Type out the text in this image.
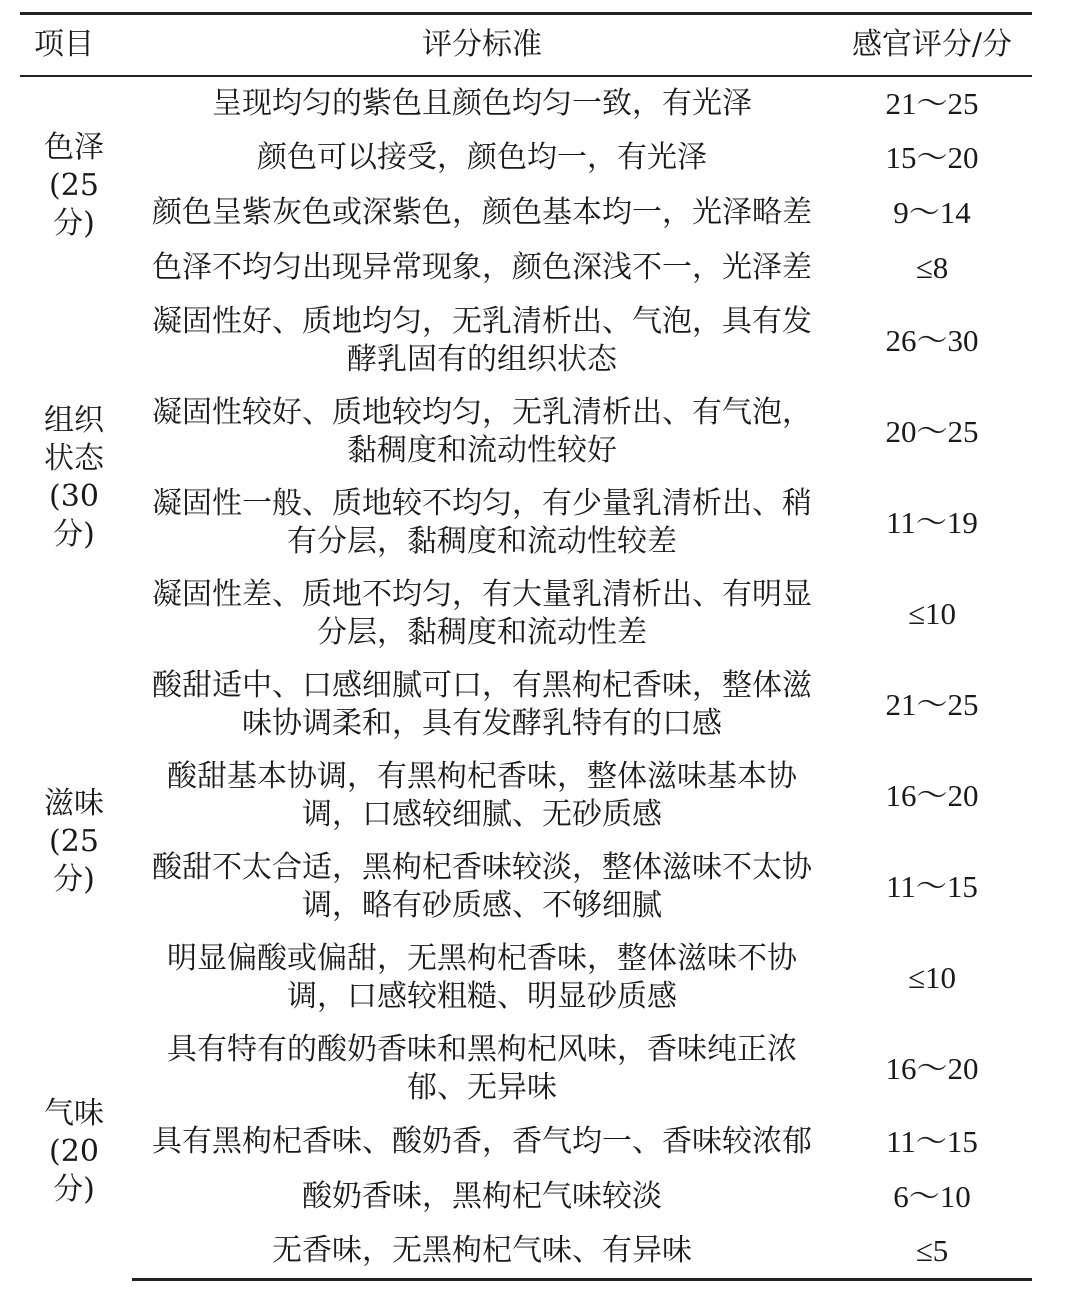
项目	评分标准	感官评分/分

色泽
(25分)	呈现均匀的紫色且颜色均匀一致，有光泽	21～25
	颜色可以接受，颜色均一，有光泽	15～20
	颜色呈紫灰色或深紫色，颜色基本均一，光泽略差	9～14
	色泽不均匀出现异常现象，颜色深浅不一，光泽差	≤8

组织
状态
(30分)	凝固性好、质地均匀，无乳清析出、气泡，具有发酵乳固有的组织状态	26～30
	凝固性较好、质地较均匀，无乳清析出、有气泡，黏稠度和流动性较好	20～25
	凝固性一般、质地较不均匀，有少量乳清析出、稍有分层，黏稠度和流动性较差	11～19
	凝固性差、质地不均匀，有大量乳清析出、有明显分层，黏稠度和流动性差	≤10

滋味
(25分)	酸甜适中、口感细腻可口，有黑枸杞香味，整体滋味协调柔和，具有发酵乳特有的口感	21～25
	酸甜基本协调，有黑枸杞香味，整体滋味基本协调，口感较细腻、无砂质感	16～20
	酸甜不太合适，黑枸杞香味较淡，整体滋味不太协调，略有砂质感、不够细腻	11～15
	明显偏酸或偏甜，无黑枸杞香味，整体滋味不协调，口感较粗糙、明显砂质感	≤10

气味
(20分)	具有特有的酸奶香味和黑枸杞风味，香味纯正浓郁、无异味	16～20
	具有黑枸杞香味、酸奶香，香气均一、香味较浓郁	11～15
	酸奶香味，黑枸杞气味较淡	6～10
	无香味，无黑枸杞气味、有异味	≤5
